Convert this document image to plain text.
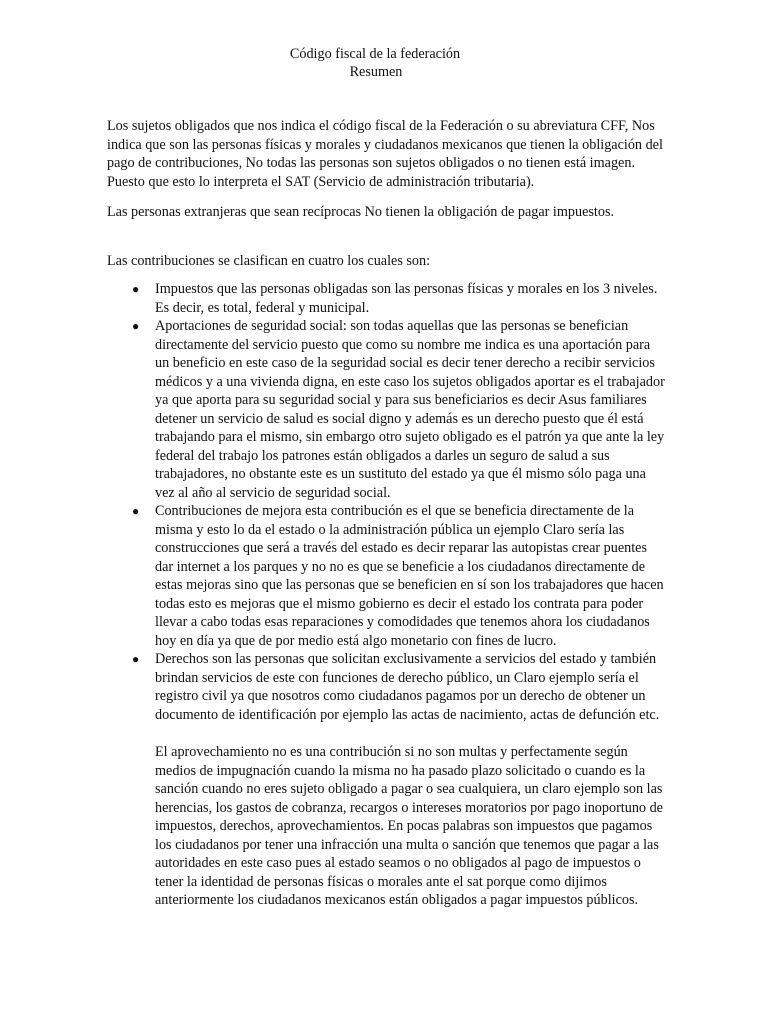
Código fiscal de la federación
Resumen

Los sujetos obligados que nos indica el código fiscal de la Federación o su abreviatura CFF, Nos indica que son las personas físicas y morales y ciudadanos mexicanos que tienen la obligación del pago de contribuciones, No todas las personas son sujetos obligados o no tienen está imagen. Puesto que esto lo interpreta el SAT (Servicio de administración tributaria).

Las personas extranjeras que sean recíprocas No tienen la obligación de pagar impuestos.

Las contribuciones se clasifican en cuatro los cuales son:

● Impuestos que las personas obligadas son las personas físicas y morales en los 3 niveles. Es decir, es total, federal y municipal.
● Aportaciones de seguridad social: son todas aquellas que las personas se benefician directamente del servicio puesto que como su nombre me indica es una aportación para un beneficio en este caso de la seguridad social es decir tener derecho a recibir servicios médicos y a una vivienda digna, en este caso los sujetos obligados aportar es el trabajador ya que aporta para su seguridad social y para sus beneficiarios es decir Asus familiares detener un servicio de salud es social digno y además es un derecho puesto que él está trabajando para el mismo, sin embargo otro sujeto obligado es el patrón ya que ante la ley federal del trabajo los patrones están obligados a darles un seguro de salud a sus trabajadores, no obstante este es un sustituto del estado ya que él mismo sólo paga una vez al año al servicio de seguridad social.
● Contribuciones de mejora esta contribución es el que se beneficia directamente de la misma y esto lo da el estado o la administración pública un ejemplo Claro sería las construcciones que será a través del estado es decir reparar las autopistas crear puentes dar internet a los parques y no no es que se beneficie a los ciudadanos directamente de estas mejoras sino que las personas que se beneficien en sí son los trabajadores que hacen todas esto es mejoras que el mismo gobierno es decir el estado los contrata para poder llevar a cabo todas esas reparaciones y comodidades que tenemos ahora los ciudadanos hoy en día ya que de por medio está algo monetario con fines de lucro.
● Derechos son las personas que solicitan exclusivamente a servicios del estado y también brindan servicios de este con funciones de derecho público, un Claro ejemplo sería el registro civil ya que nosotros como ciudadanos pagamos por un derecho de obtener un documento de identificación por ejemplo las actas de nacimiento, actas de defunción etc.

El aprovechamiento no es una contribución si no son multas y perfectamente según medios de impugnación cuando la misma no ha pasado plazo solicitado o cuando es la sanción cuando no eres sujeto obligado a pagar o sea cualquiera, un claro ejemplo son las herencias, los gastos de cobranza, recargos o intereses moratorios por pago inoportuno de impuestos, derechos, aprovechamientos. En pocas palabras son impuestos que pagamos los ciudadanos por tener una infracción una multa o sanción que tenemos que pagar a las autoridades en este caso pues al estado seamos o no obligados al pago de impuestos o tener la identidad de personas físicas o morales ante el sat porque como dijimos anteriormente los ciudadanos mexicanos están obligados a pagar impuestos públicos.
